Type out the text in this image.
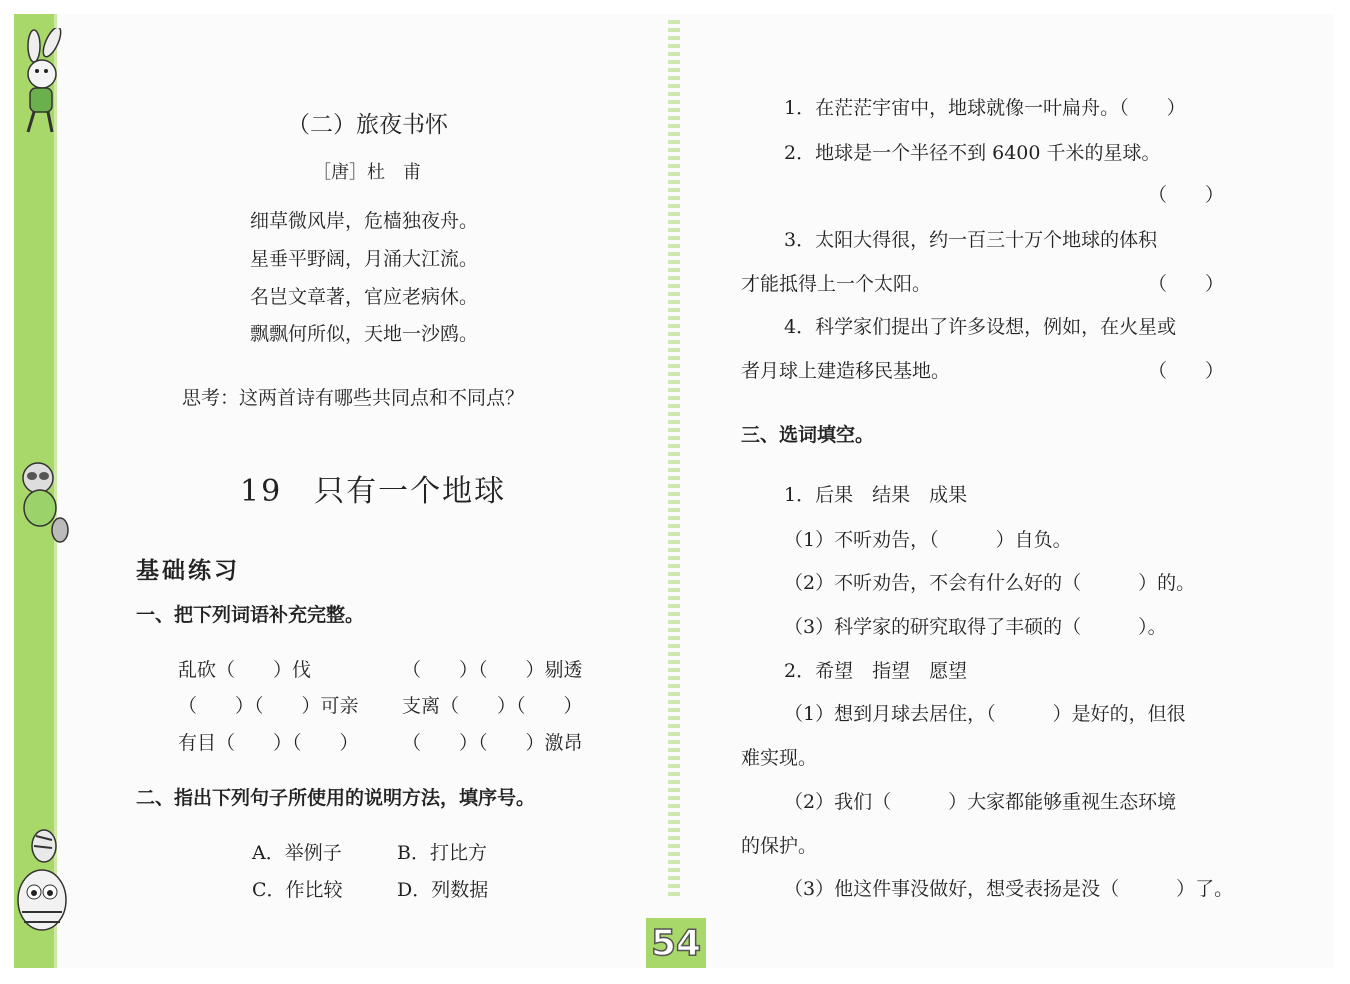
（二）旅夜书怀
［唐］杜　甫
细草微风岸，危樯独夜舟。
星垂平野阔，月涌大江流。
名岂文章著，官应老病休。
飘飘何所似，天地一沙鸥。
思考：这两首诗有哪些共同点和不同点？
19　只有一个地球
基础练习
一、把下列词语补充完整。
乱砍（　　）伐	（　　）（　　）剔透
（　　）（　　）可亲 支离（　　）（　　）
有目（　　）（　　） （　　）（　　）激昂
二、指出下列句子所使用的说明方法，填序号。
A．举例子	B．打比方
C．作比较	D．列数据
1．在茫茫宇宙中，地球就像一叶扁舟。（　　）
2．地球是一个半径不到 6400 千米的星球。
（　　）
3．太阳大得很，约一百三十万个地球的体积
才能抵得上一个太阳。	（　　）
4．科学家们提出了许多设想，例如，在火星或
者月球上建造移民基地。	（　　）
三、选词填空。
1．后果　结果　成果
（1）不听劝告，（　　　）自负。
（2）不听劝告，不会有什么好的（　　　）的。
（3）科学家的研究取得了丰硕的（　　　）。
2．希望　指望　愿望
（1）想到月球去居住，（　　　）是好的，但很
难实现。
（2）我们（　　　）大家都能够重视生态环境
的保护。
（3）他这件事没做好，想受表扬是没（　　　）了。
54
